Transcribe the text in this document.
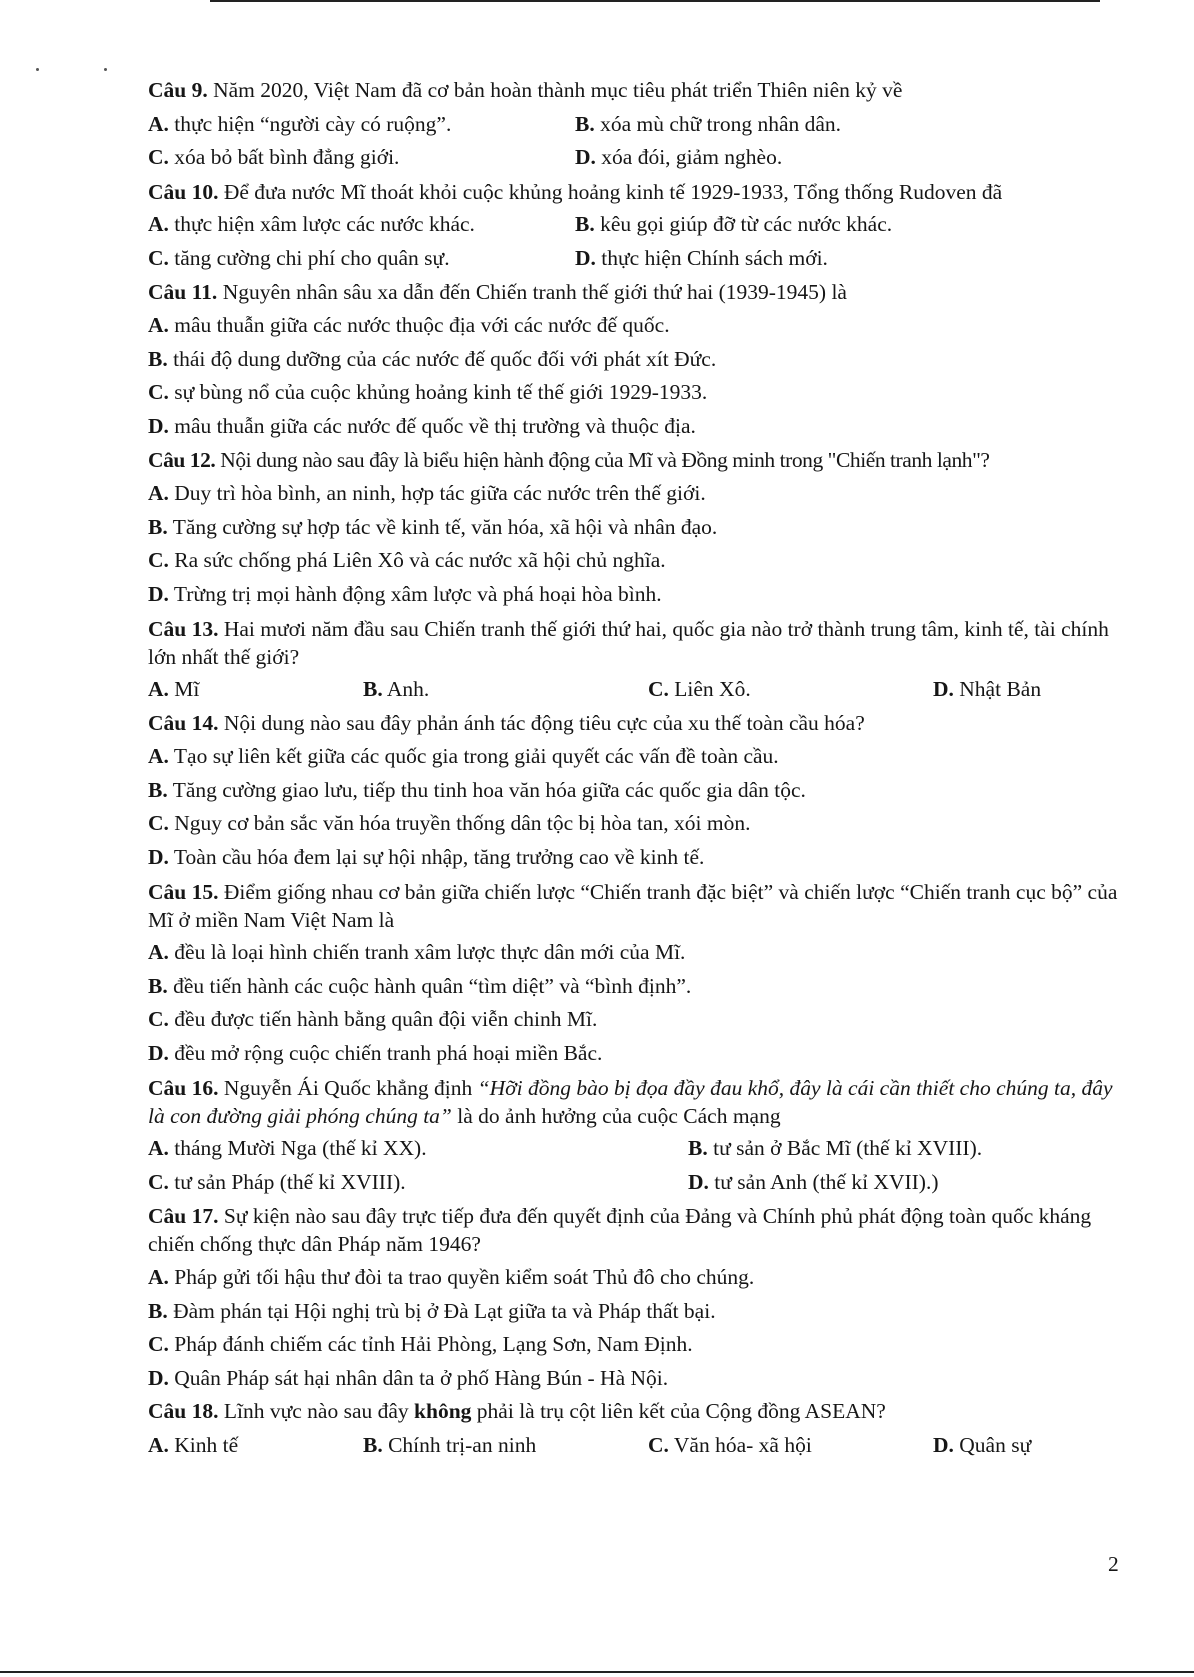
Câu 9. Năm 2020, Việt Nam đã cơ bản hoàn thành mục tiêu phát triển Thiên niên kỷ về
A. thực hiện “người cày có ruộng”.	B. xóa mù chữ trong nhân dân.
C. xóa bỏ bất bình đẳng giới.	D. xóa đói, giảm nghèo.
Câu 10. Để đưa nước Mĩ thoát khỏi cuộc khủng hoảng kinh tế 1929-1933, Tổng thống Rudoven đã
A. thực hiện xâm lược các nước khác.	B. kêu gọi giúp đỡ từ các nước khác.
C. tăng cường chi phí cho quân sự.	D. thực hiện Chính sách mới.
Câu 11. Nguyên nhân sâu xa dẫn đến Chiến tranh thế giới thứ hai (1939-1945) là
A. mâu thuẫn giữa các nước thuộc địa với các nước đế quốc.
B. thái độ dung dưỡng của các nước đế quốc đối với phát xít Đức.
C. sự bùng nổ của cuộc khủng hoảng kinh tế thế giới 1929-1933.
D. mâu thuẫn giữa các nước đế quốc về thị trường và thuộc địa.
Câu 12. Nội dung nào sau đây là biểu hiện hành động của Mĩ và Đồng minh trong "Chiến tranh lạnh"?
A. Duy trì hòa bình, an ninh, hợp tác giữa các nước trên thế giới.
B. Tăng cường sự hợp tác về kinh tế, văn hóa, xã hội và nhân đạo.
C. Ra sức chống phá Liên Xô và các nước xã hội chủ nghĩa.
D. Trừng trị mọi hành động xâm lược và phá hoại hòa bình.
Câu 13. Hai mươi năm đầu sau Chiến tranh thế giới thứ hai, quốc gia nào trở thành trung tâm, kinh tế, tài chính lớn nhất thế giới?
A. Mĩ	B. Anh.	C. Liên Xô.	D. Nhật Bản
Câu 14. Nội dung nào sau đây phản ánh tác động tiêu cực của xu thế toàn cầu hóa?
A. Tạo sự liên kết giữa các quốc gia trong giải quyết các vấn đề toàn cầu.
B. Tăng cường giao lưu, tiếp thu tinh hoa văn hóa giữa các quốc gia dân tộc.
C. Nguy cơ bản sắc văn hóa truyền thống dân tộc bị hòa tan, xói mòn.
D. Toàn cầu hóa đem lại sự hội nhập, tăng trưởng cao về kinh tế.
Câu 15. Điểm giống nhau cơ bản giữa chiến lược “Chiến tranh đặc biệt” và chiến lược “Chiến tranh cục bộ” của Mĩ ở miền Nam Việt Nam là
A. đều là loại hình chiến tranh xâm lược thực dân mới của Mĩ.
B. đều tiến hành các cuộc hành quân “tìm diệt” và “bình định”.
C. đều được tiến hành bằng quân đội viễn chinh Mĩ.
D. đều mở rộng cuộc chiến tranh phá hoại miền Bắc.
Câu 16. Nguyễn Ái Quốc khẳng định “Hỡi đồng bào bị đọa đầy đau khổ, đây là cái cần thiết cho chúng ta, đây là con đường giải phóng chúng ta” là do ảnh hưởng của cuộc Cách mạng
A. tháng Mười Nga (thế kỉ XX).	B. tư sản ở Bắc Mĩ (thế kỉ XVIII).
C. tư sản Pháp (thế kỉ XVIII).	D. tư sản Anh (thế kỉ XVII).)
Câu 17. Sự kiện nào sau đây trực tiếp đưa đến quyết định của Đảng và Chính phủ phát động toàn quốc kháng chiến chống thực dân Pháp năm 1946?
A. Pháp gửi tối hậu thư đòi ta trao quyền kiểm soát Thủ đô cho chúng.
B. Đàm phán tại Hội nghị trù bị ở Đà Lạt giữa ta và Pháp thất bại.
C. Pháp đánh chiếm các tỉnh Hải Phòng, Lạng Sơn, Nam Định.
D. Quân Pháp sát hại nhân dân ta ở phố Hàng Bún - Hà Nội.
Câu 18. Lĩnh vực nào sau đây không phải là trụ cột liên kết của Cộng đồng ASEAN?
A. Kinh tế	B. Chính trị-an ninh	C. Văn hóa- xã hội	D. Quân sự
2
